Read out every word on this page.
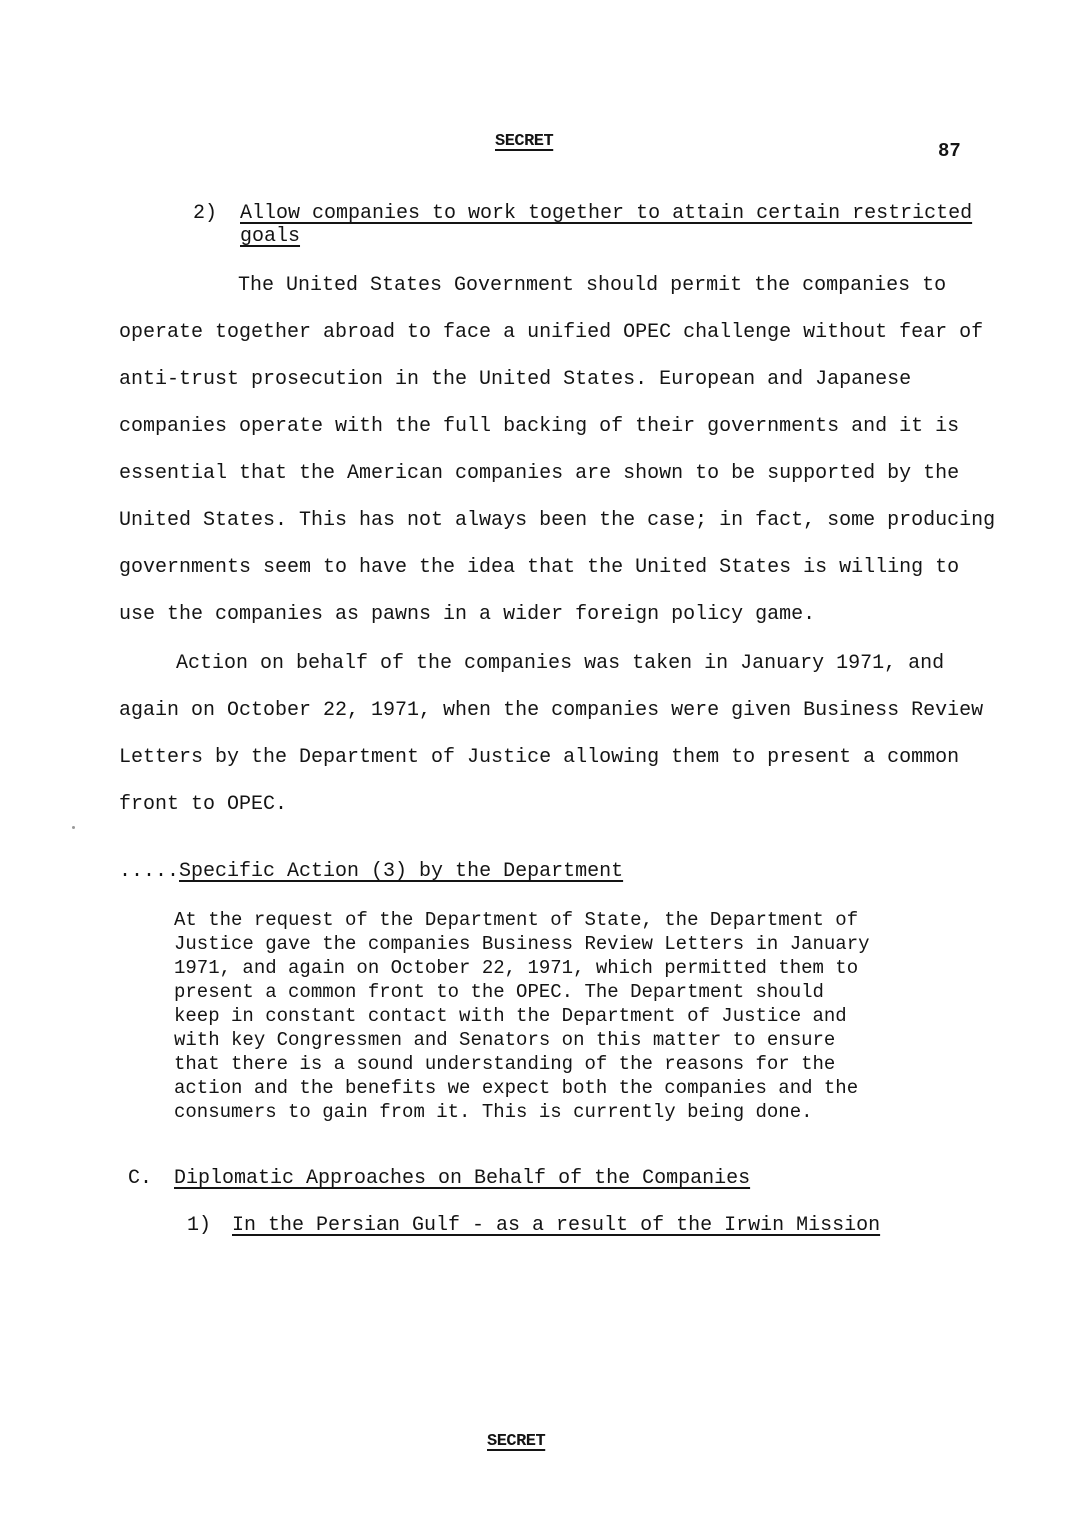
SECRET	87
2) Allow companies to work together to attain certain restricted
goals
The United States Government should permit the companies to
operate together abroad to face a unified OPEC challenge without fear of
anti-trust prosecution in the United States. European and Japanese
companies operate with the full backing of their governments and it is
essential that the American companies are shown to be supported by the
United States. This has not always been the case; in fact, some producing
governments seem to have the idea that the United States is willing to
use the companies as pawns in a wider foreign policy game.
Action on behalf of the companies was taken in January 1971, and
again on October 22, 1971, when the companies were given Business Review
Letters by the Department of Justice allowing them to present a common
front to OPEC.
.....Specific Action (3) by the Department
At the request of the Department of State, the Department of
Justice gave the companies Business Review Letters in January
1971, and again on October 22, 1971, which permitted them to
present a common front to the OPEC. The Department should
keep in constant contact with the Department of Justice and
with key Congressmen and Senators on this matter to ensure
that there is a sound understanding of the reasons for the
action and the benefits we expect both the companies and the
consumers to gain from it. This is currently being done.
C. Diplomatic Approaches on Behalf of the Companies
1) In the Persian Gulf - as a result of the Irwin Mission
SECRET
